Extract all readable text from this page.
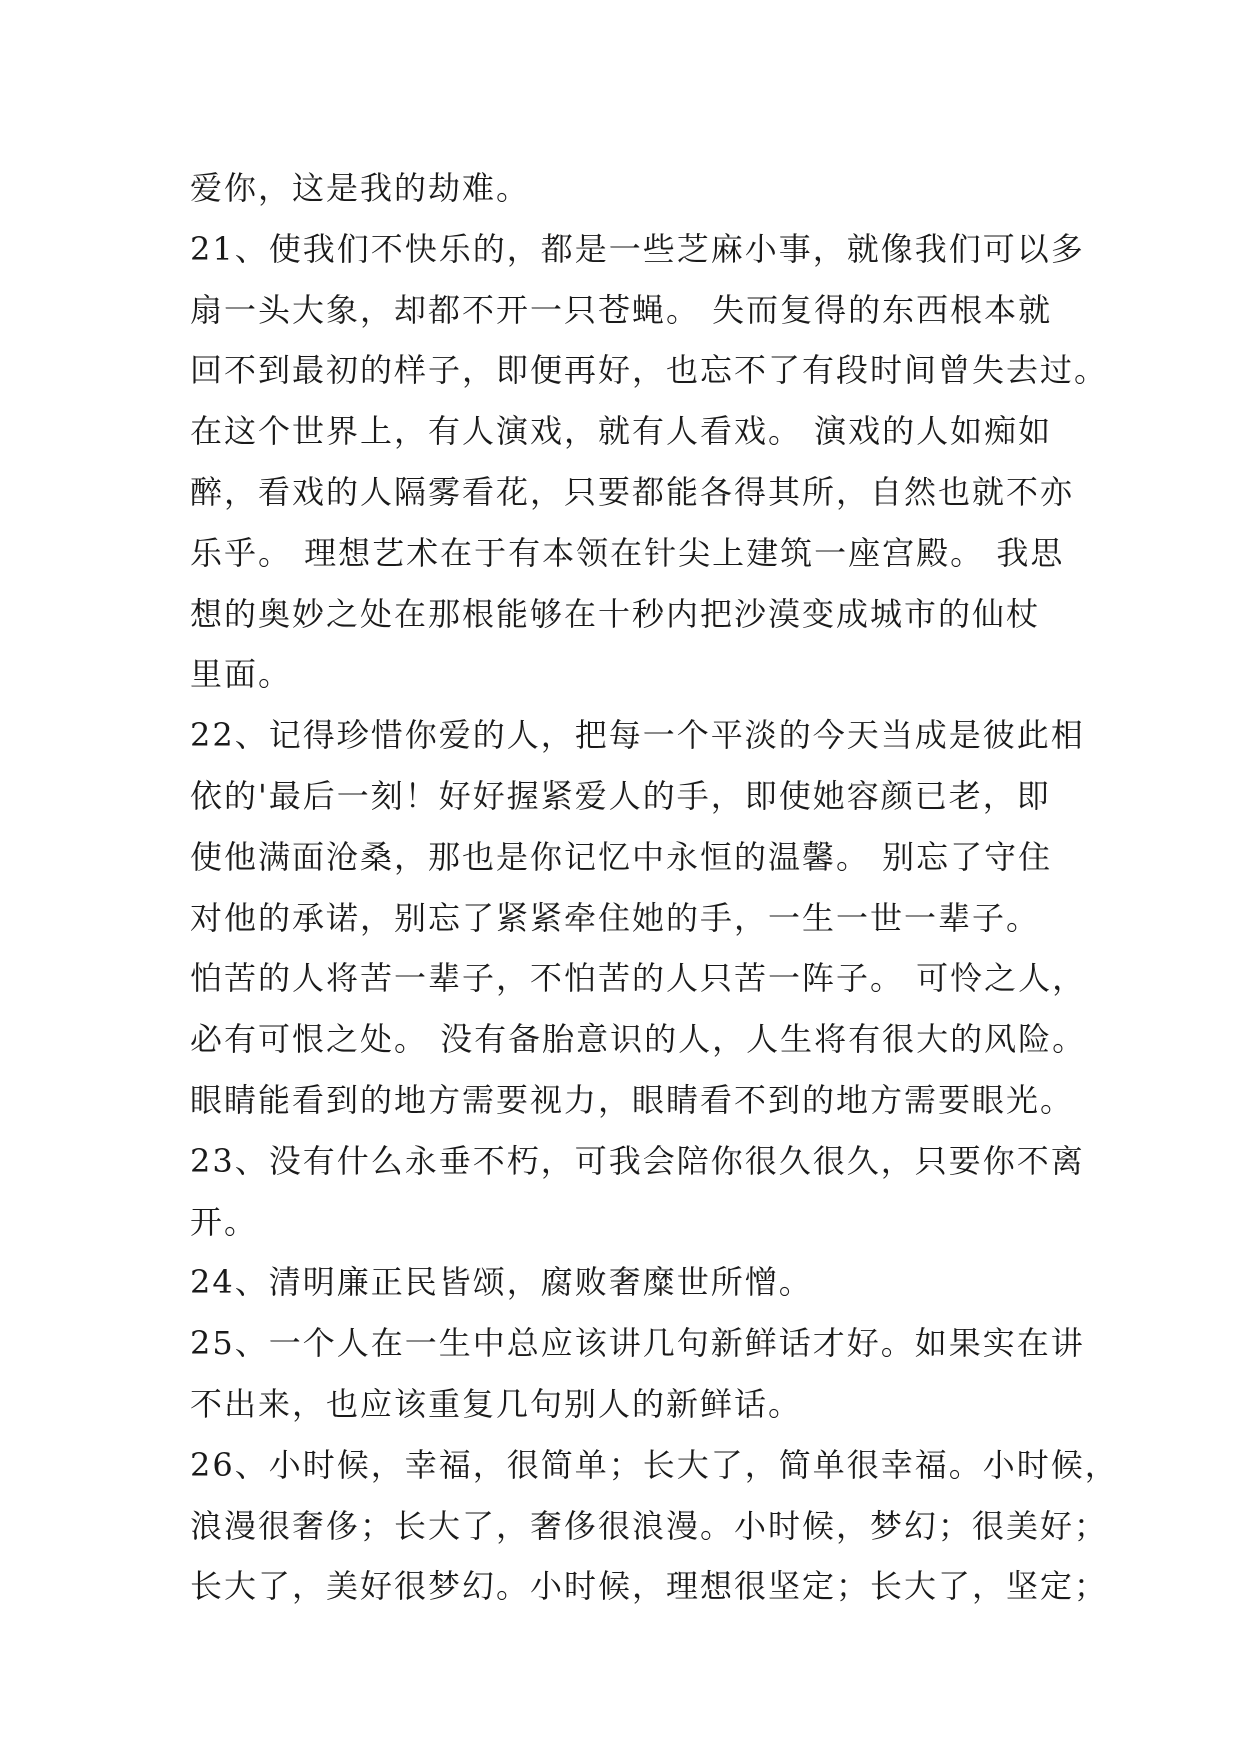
爱你，这是我的劫难。
21、使我们不快乐的，都是一些芝麻小事，就像我们可以多
扇一头大象，却都不开一只苍蝇。 失而复得的东西根本就
回不到最初的样子，即便再好，也忘不了有段时间曾失去过。
在这个世界上，有人演戏，就有人看戏。 演戏的人如痴如
醉，看戏的人隔雾看花，只要都能各得其所，自然也就不亦
乐乎。 理想艺术在于有本领在针尖上建筑一座宫殿。 我思
想的奥妙之处在那根能够在十秒内把沙漠变成城市的仙杖
里面。
22、记得珍惜你爱的人，把每一个平淡的今天当成是彼此相
依的'最后一刻！好好握紧爱人的手，即使她容颜已老，即
使他满面沧桑，那也是你记忆中永恒的温馨。 别忘了守住
对他的承诺，别忘了紧紧牵住她的手，一生一世一辈子。
怕苦的人将苦一辈子，不怕苦的人只苦一阵子。 可怜之人，
必有可恨之处。 没有备胎意识的人，人生将有很大的风险。
眼睛能看到的地方需要视力，眼睛看不到的地方需要眼光。
23、没有什么永垂不朽，可我会陪你很久很久，只要你不离
开。
24、清明廉正民皆颂，腐败奢糜世所憎。
25、一个人在一生中总应该讲几句新鲜话才好。如果实在讲
不出来，也应该重复几句别人的新鲜话。
26、小时候，幸福，很简单；长大了，简单很幸福。小时候，
浪漫很奢侈；长大了，奢侈很浪漫。小时候，梦幻；很美好；
长大了，美好很梦幻。小时候，理想很坚定；长大了，坚定；
